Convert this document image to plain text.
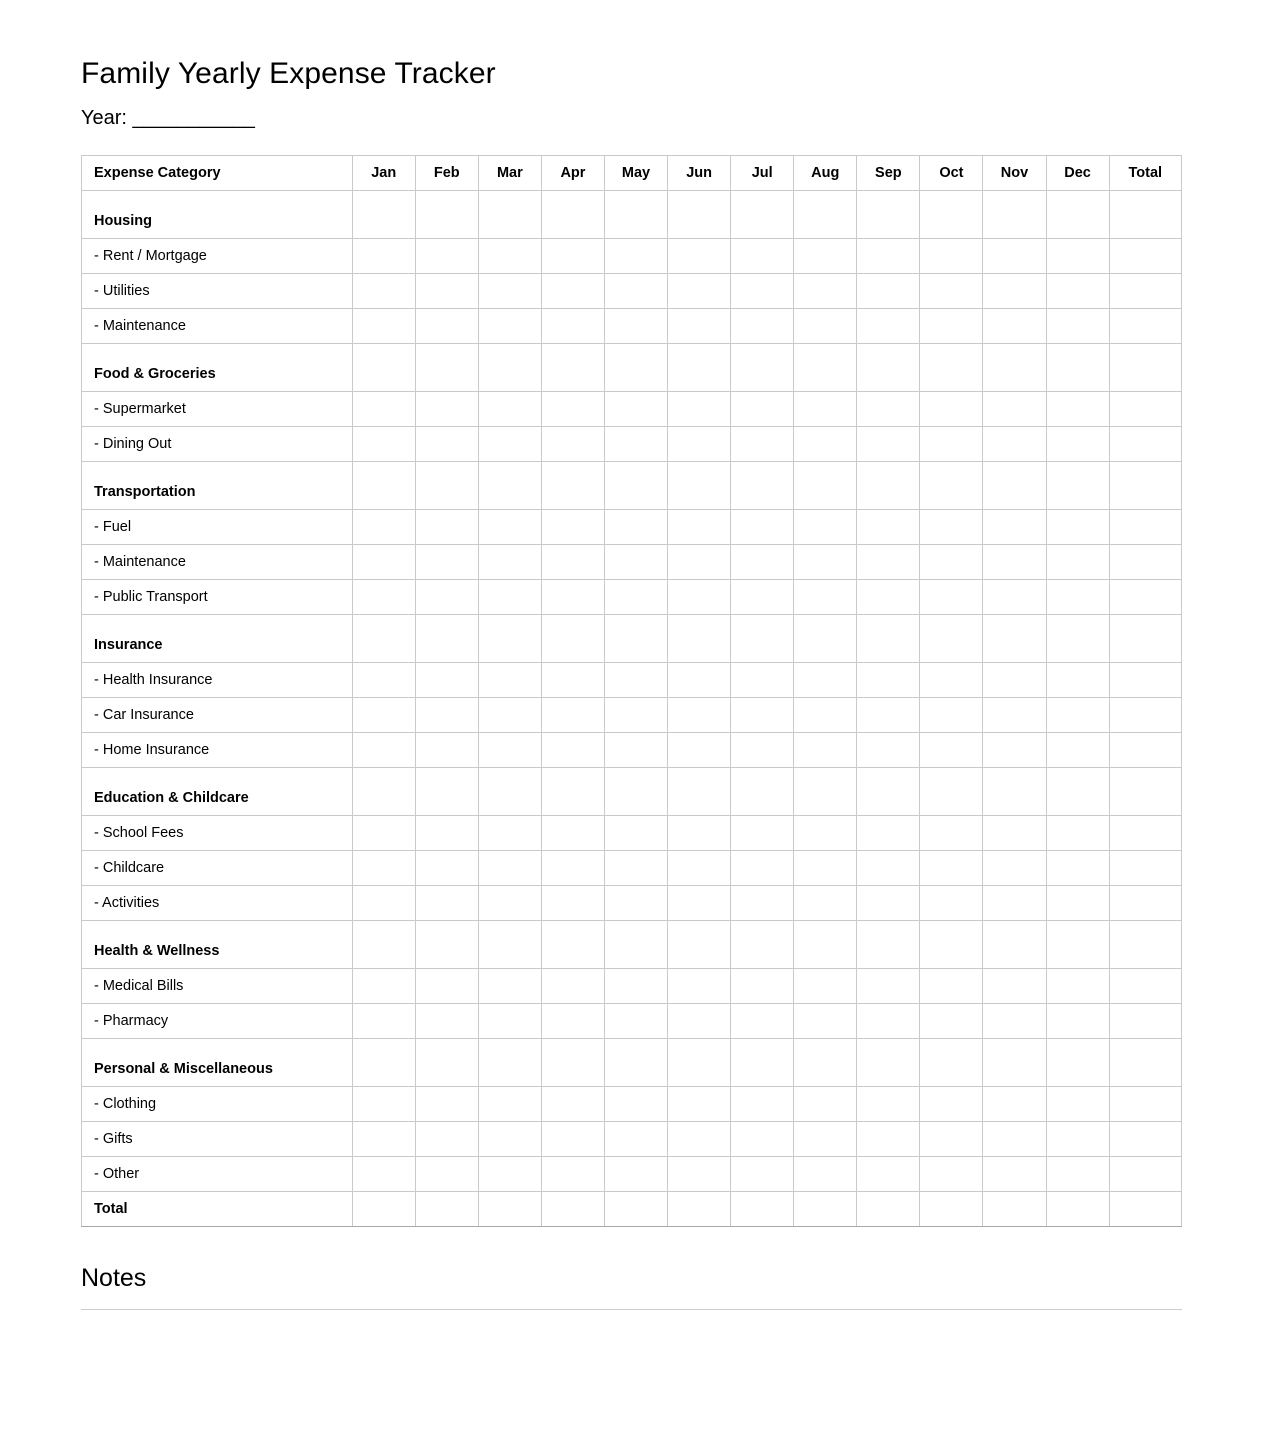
Family Yearly Expense Tracker
Year: ___________
Expense Category	Jan	Feb	Mar	Apr	May	Jun	Jul	Aug	Sep	Oct	Nov	Dec	Total
Housing													
- Rent / Mortgage													
- Utilities													
- Maintenance													
Food & Groceries													
- Supermarket													
- Dining Out													
Transportation													
- Fuel													
- Maintenance													
- Public Transport													
Insurance													
- Health Insurance													
- Car Insurance													
- Home Insurance													
Education & Childcare													
- School Fees													
- Childcare													
- Activities													
Health & Wellness													
- Medical Bills													
- Pharmacy													
Personal & Miscellaneous													
- Clothing													
- Gifts													
- Other													
Total													
Notes
